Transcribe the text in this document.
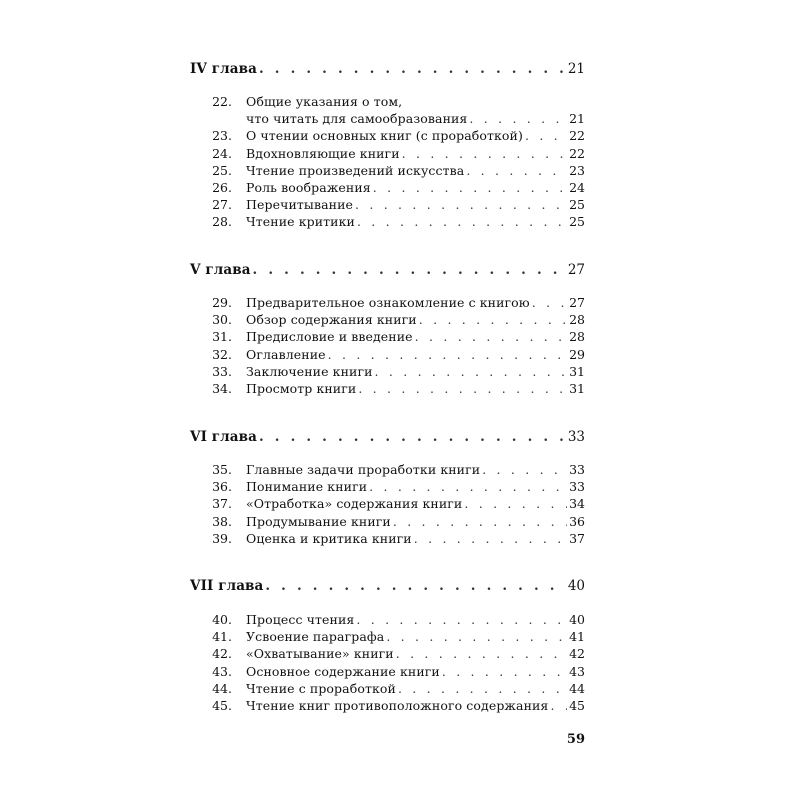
IV глава . . .	21
22.	Общие указания о том,
что читать для самообразования . . .	21
23.	О чтении основных книг (с проработкой) . . .	22
24.	Вдохновляющие книги . . .	22
25.	Чтение произведений искусства . . .	23
26.	Роль воображения . . .	24
27.	Перечитывание . . .	25
28.	Чтение критики . . .	25
V глава . . .	27
29.	Предварительное ознакомление с книгою . . .	27
30.	Обзор содержания книги . . .	28
31.	Предисловие и введение . . .	28
32.	Оглавление . . .	29
33.	Заключение книги . . .	31
34.	Просмотр книги . . .	31
VI глава . . .	33
35.	Главные задачи проработки книги . . .	33
36.	Понимание книги . . .	33
37.	«Отработка» содержания книги . . .	34
38.	Продумывание книги . . .	36
39.	Оценка и критика книги . . .	37
VII глава . . .	40
40.	Процесс чтения . . .	40
41.	Усвоение параграфа . . .	41
42.	«Охватывание» книги . . .	42
43.	Основное содержание книги . . .	43
44.	Чтение с проработкой . . .	44
45.	Чтение книг противоположного содержания . . . 45
59
